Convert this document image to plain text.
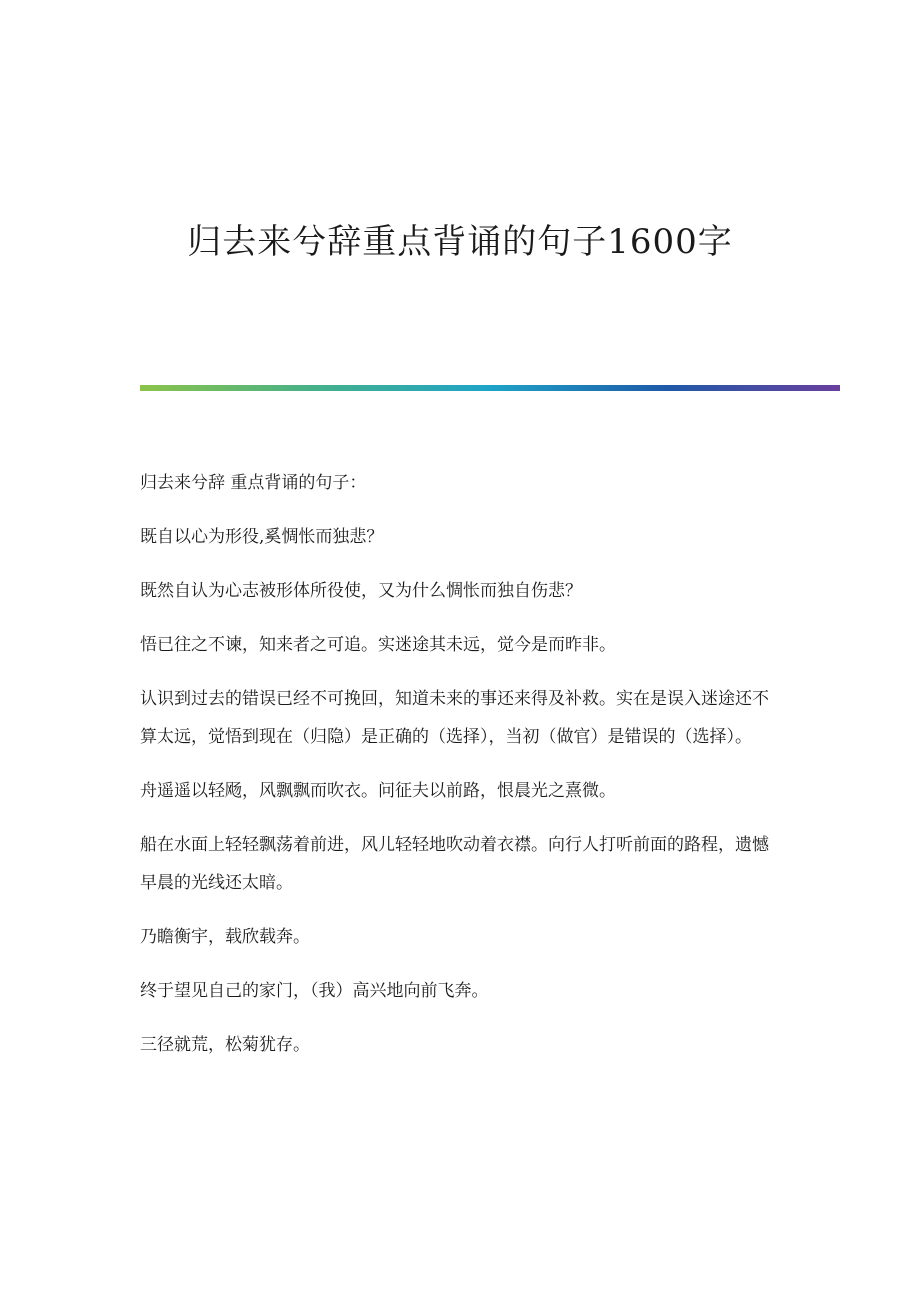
归去来兮辞重点背诵的句子1600字

归去来兮辞 重点背诵的句子：

既自以心为形役,奚惆怅而独悲？

既然自认为心志被形体所役使，又为什么惆怅而独自伤悲？

悟已往之不谏，知来者之可追。实迷途其未远，觉今是而昨非。

认识到过去的错误已经不可挽回，知道未来的事还来得及补救。实在是误入迷途还不算太远，觉悟到现在（归隐）是正确的（选择），当初（做官）是错误的（选择）。

舟遥遥以轻飏，风飘飘而吹衣。问征夫以前路，恨晨光之熹微。

船在水面上轻轻飘荡着前进，风儿轻轻地吹动着衣襟。向行人打听前面的路程，遗憾早晨的光线还太暗。

乃瞻衡宇，载欣载奔。

终于望见自己的家门，（我）高兴地向前飞奔。

三径就荒，松菊犹存。
